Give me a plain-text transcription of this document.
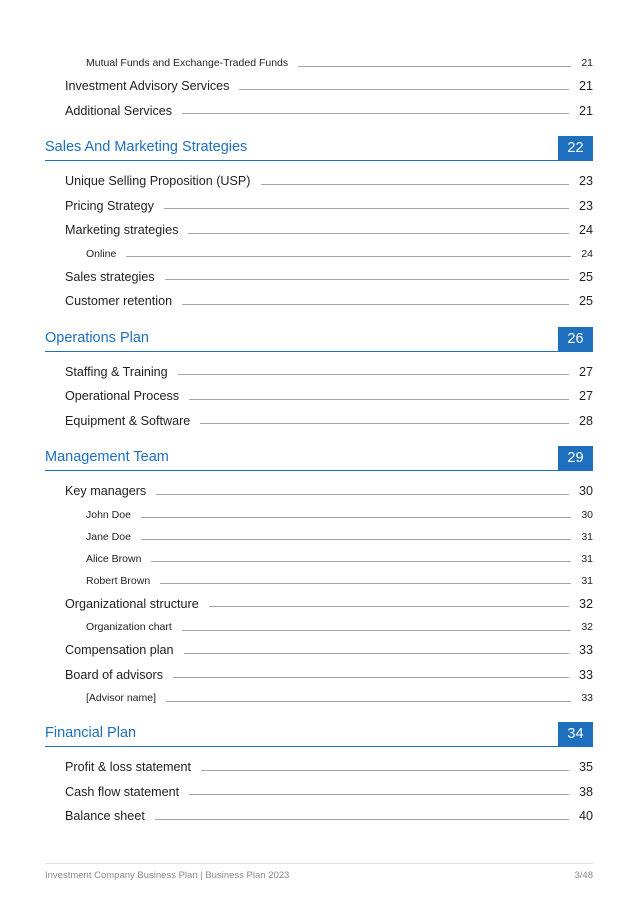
Mutual Funds and Exchange-Traded Funds	21
Investment Advisory Services	21
Additional Services	21
Sales And Marketing Strategies	22
Unique Selling Proposition (USP)	23
Pricing Strategy	23
Marketing strategies	24
Online	24
Sales strategies	25
Customer retention	25
Operations Plan	26
Staffing & Training	27
Operational Process	27
Equipment & Software	28
Management Team	29
Key managers	30
John Doe	30
Jane Doe	31
Alice Brown	31
Robert Brown	31
Organizational structure	32
Organization chart	32
Compensation plan	33
Board of advisors	33
[Advisor name]	33
Financial Plan	34
Profit & loss statement	35
Cash flow statement	38
Balance sheet	40
Investment Company Business Plan | Business Plan 2023	3/48
